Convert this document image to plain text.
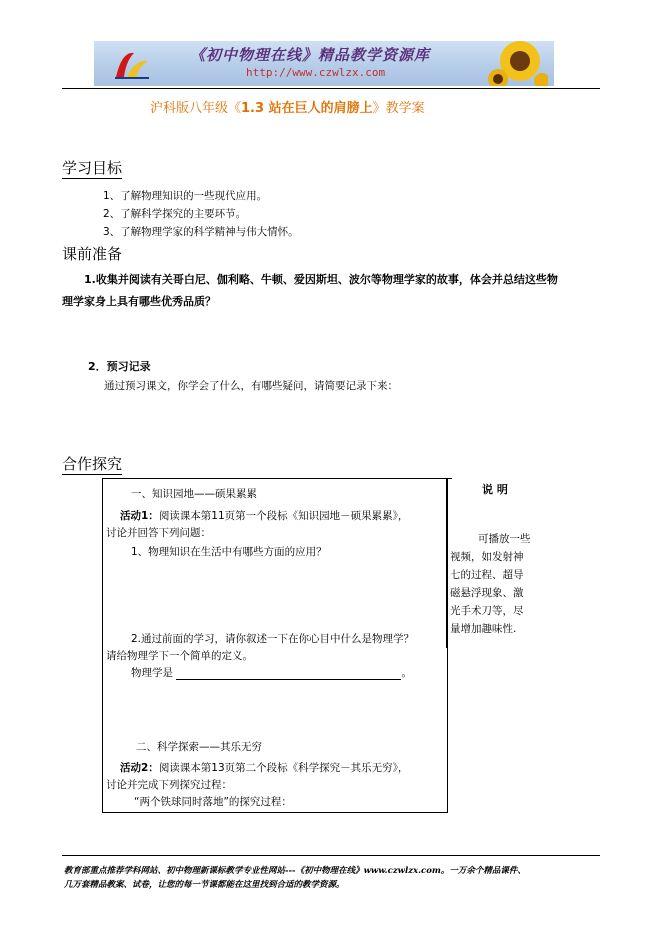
《初中物理在线》精品教学资源库
http://www.czwlzx.com
沪科版八年级《1.3 站在巨人的肩膀上》教学案
学习目标
1、了解物理知识的一些现代应用。
2、了解科学探究的主要环节。
3、了解物理学家的科学精神与伟大情怀。
课前准备
1.收集并阅读有关哥白尼、伽利略、牛顿、爱因斯坦、波尔等物理学家的故事，体会并总结这些物
理学家身上具有哪些优秀品质？
2．预习记录
通过预习课文，你学会了什么，有哪些疑问，请简要记录下来：
合作探究
一、知识园地——硕果累累
活动1：阅读课本第11页第一个段标《知识园地－硕果累累》，
讨论并回答下列问题：
1、物理知识在生活中有哪些方面的应用？
2.通过前面的学习，请你叙述一下在你心目中什么是物理学？
请给物理学下一个简单的定义。
物理学是	。
二、科学探索——其乐无穷
活动2：阅读课本第13页第二个段标《科学探究－其乐无穷》，
讨论并完成下列探究过程：
“两个铁球同时落地”的探究过程：
说 明
可播放一些
视频，如发射神
七的过程、超导
磁悬浮现象、激
光手术刀等，尽
量增加趣味性.
教育部重点推荐学科网站、初中物理新课标教学专业性网站---《初中物理在线》www.czwlzx.com。一万余个精品课件、
几万套精品教案、试卷，让您的每一节课都能在这里找到合适的教学资源。
